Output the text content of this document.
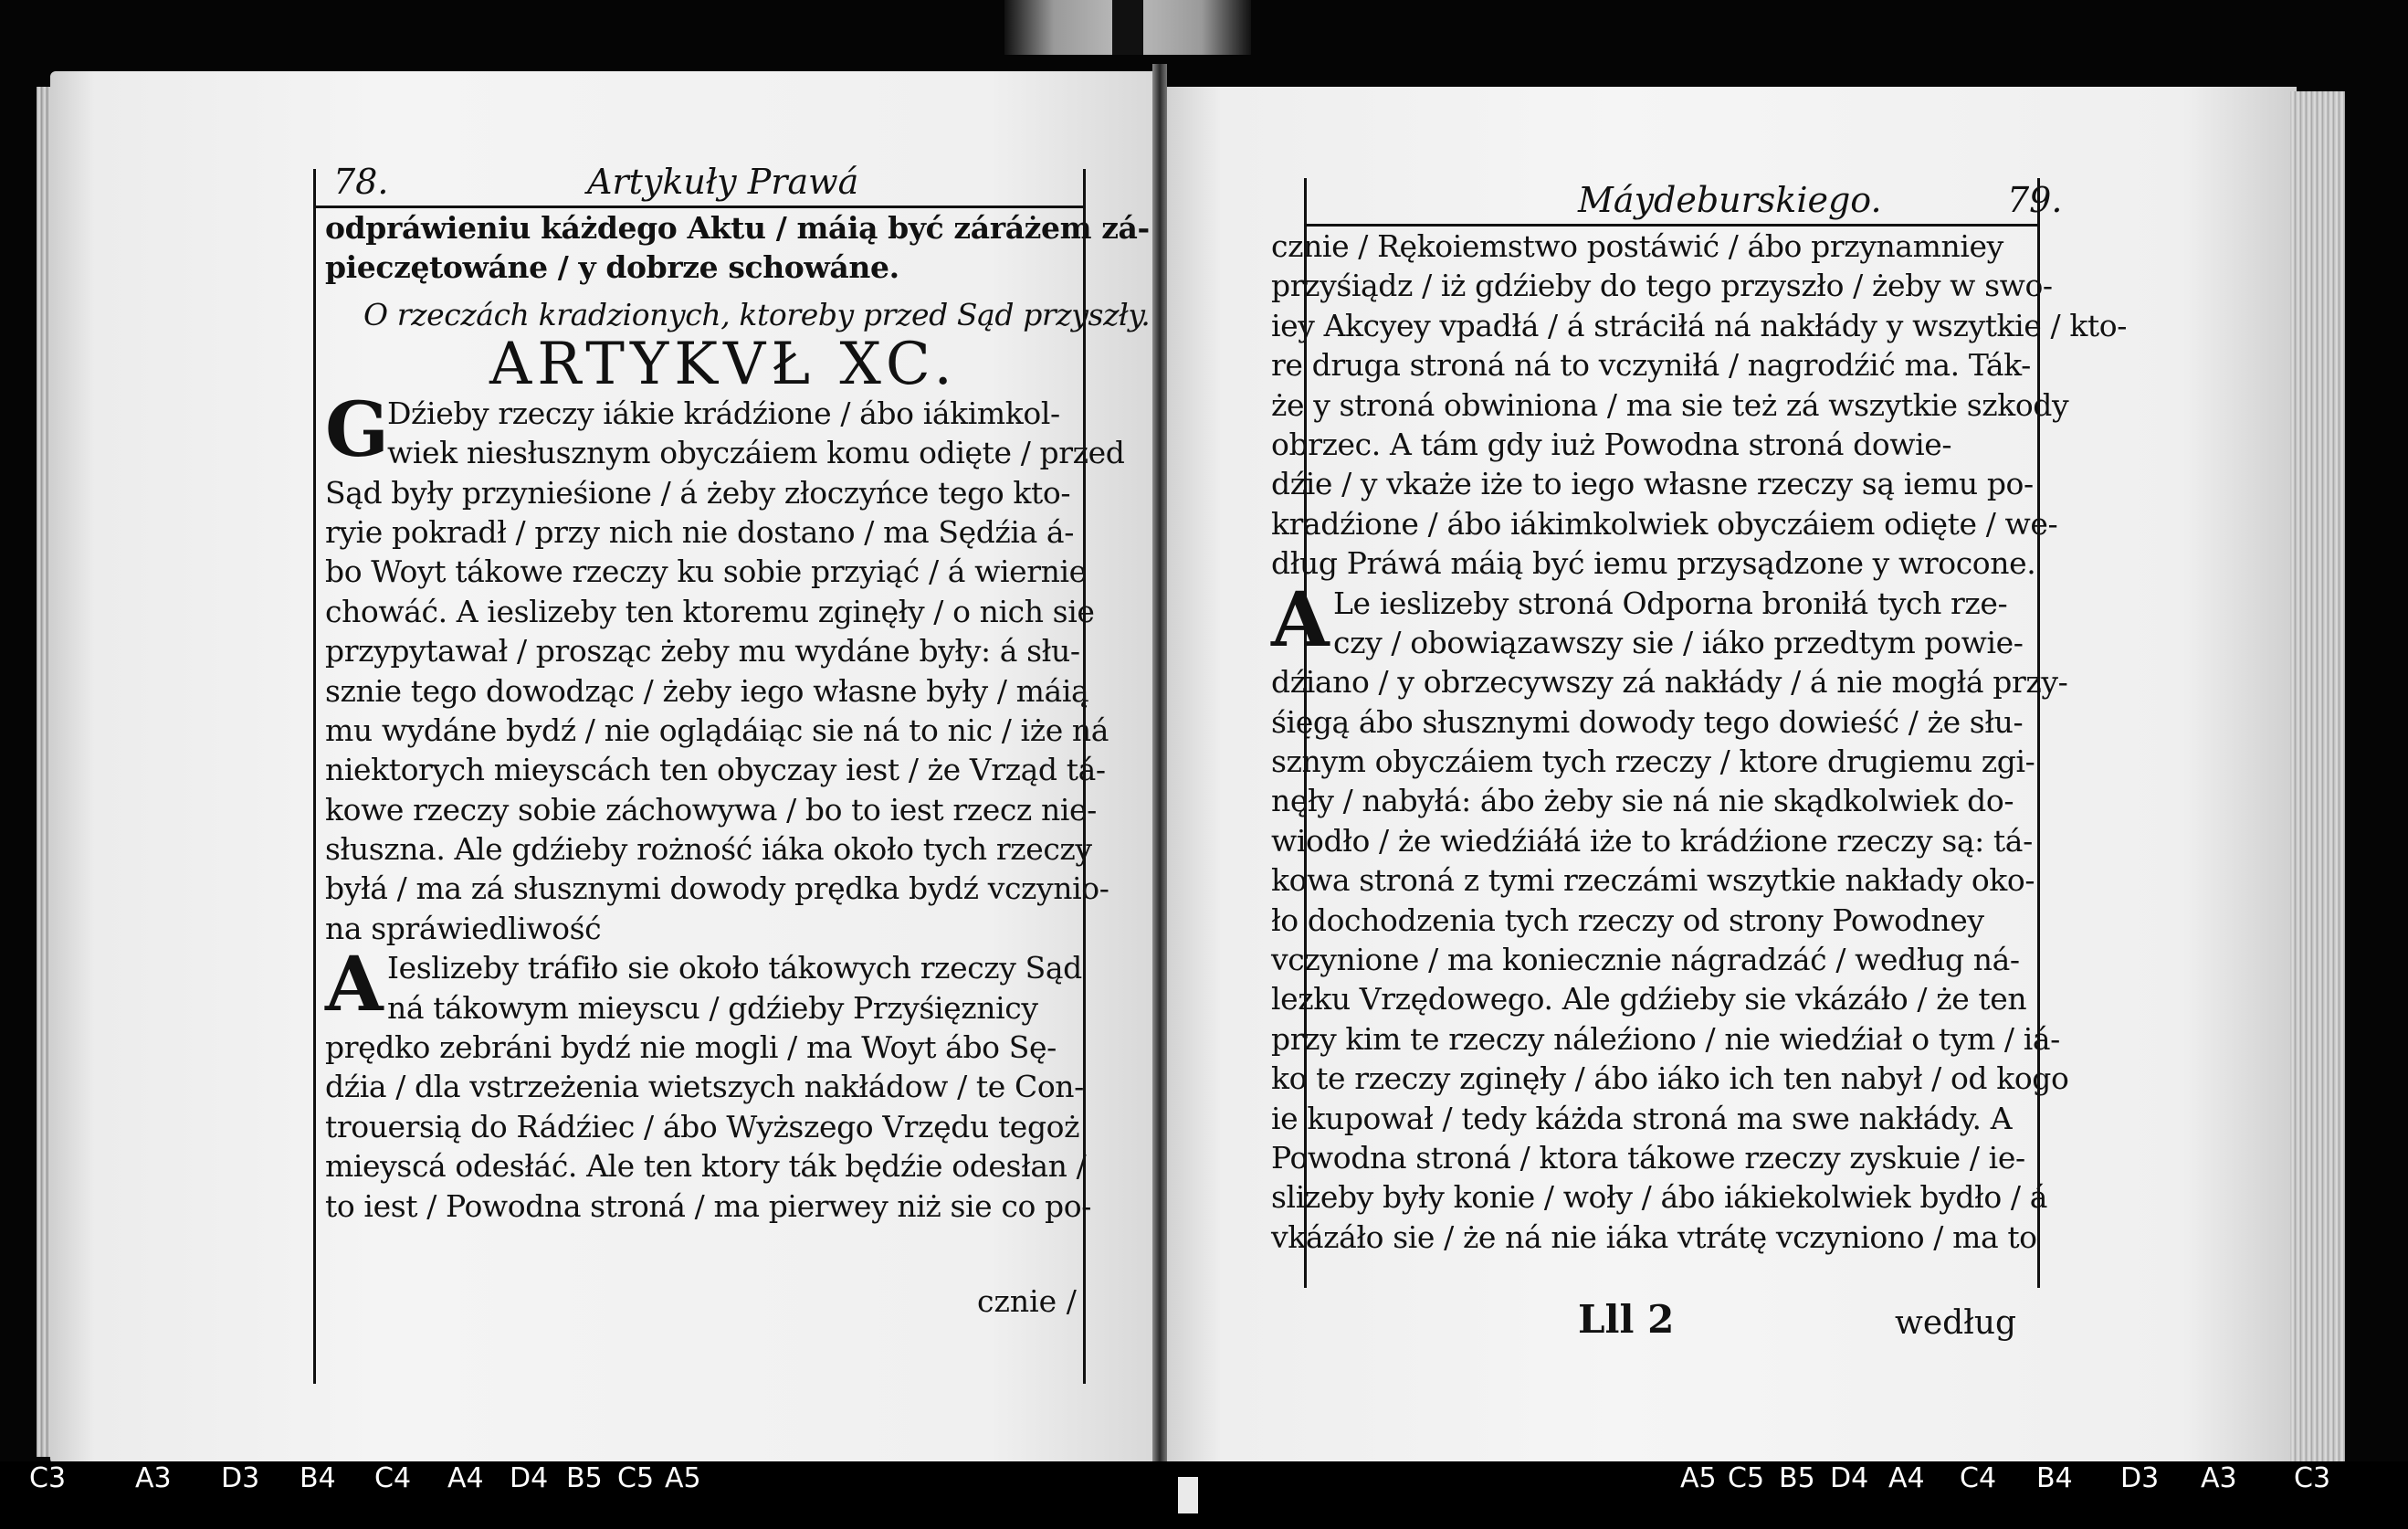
78.	Artykuły Prawá
odpráwieniu káżdego Aktu / máią być záráżem zá-
pieczętowáne / y dobrze schowáne.
O rzeczách kradzionych, ktoreby przed Sąd przyszły.
ARTYKVŁ XC.
G
Dźieby rzeczy iákie krádźione / ábo iákimkol-
wiek niesłusznym obyczáiem komu odięte / przed
Sąd były przynieśione / á żeby złoczyńce tego kto-
ryie pokradł / przy nich nie dostano / ma Sędźia á-
bo Woyt tákowe rzeczy ku sobie przyiąć / á wiernie
chowáć. A ieslizeby ten ktoremu zginęły / o nich sie
przypytawał / prosząc żeby mu wydáne były: á słu-
sznie tego dowodząc / żeby iego własne były / máią
mu wydáne bydź / nie oglądáiąc sie ná to nic / iże ná
niektorych mieyscách ten obyczay iest / że Vrząd tá-
kowe rzeczy sobie záchowywa / bo to iest rzecz nie-
słuszna. Ale gdźieby rożność iáka około tych rzeczy
byłá / ma zá słusznymi dowody prędka bydź vczynio-
na spráwiedliwość
A Ieslizeby tráfiło sie około tákowych rzeczy Sąd
ná tákowym mieyscu / gdźieby Przyśięznicy
prędko zebráni bydź nie mogli / ma Woyt ábo Sę-
dźia / dla vstrzeżenia wietszych nakłádow / te Con-
trouersią do Rádźiec / ábo Wyższego Vrzędu tegoż
mieyscá odesłáć. Ale ten ktory ták będźie odesłan /
to iest / Powodna stroná / ma pierwey niż sie co po-
cznie /
Máydeburskiego.	79.
cznie / Rękoiemstwo postáwić / ábo przynamniey
przyśiądz / iż gdźieby do tego przyszło / żeby w swo-
iey Akcyey vpadłá / á stráciłá ná nakłády y wszytkie / kto-
re druga stroná ná to vczyniłá / nagrodźić ma. Ták-
że y stroná obwiniona / ma sie też zá wszytkie szkody
obrzec. A tám gdy iuż Powodna stroná dowie-
dźie / y vkaże iże to iego własne rzeczy są iemu po-
kradźione / ábo iákimkolwiek obyczáiem odięte / we-
dług Práwá máią być iemu przysądzone y wrocone.
A Le ieslizeby stroná Odporna broniłá tych rze-
czy / obowiązawszy sie / iáko przedtym powie-
dźiano / y obrzecywszy zá nakłády / á nie mogłá przy-
śięgą ábo słusznymi dowody tego dowieść / że słu-
sznym obyczáiem tych rzeczy / ktore drugiemu zgi-
nęły / nabyłá: ábo żeby sie ná nie skądkolwiek do-
wiodło / że wiedźiáłá iże to krádźione rzeczy są: tá-
kowa stroná z tymi rzeczámi wszytkie nakłady oko-
ło dochodzenia tych rzeczy od strony Powodney
vczynione / ma koniecznie nágradzáć / według ná-
lezku Vrzędowego. Ale gdźieby sie vkázáło / że ten
przy kim te rzeczy náleźiono / nie wiedźiał o tym / iá-
ko te rzeczy zginęły / ábo iáko ich ten nabył / od kogo
ie kupował / tedy káżda stroná ma swe nakłády. A
Powodna stroná / ktora tákowe rzeczy zyskuie / ie-
slizeby były konie / woły / ábo iákiekolwiek bydło / á
vkázáło sie / że ná nie iáka vtrátę vczyniono / ma to
Lll 2	według
C3	A3 D3 B4 C4 A4 D4 B5 C5 A5	A5 C5 B5 D4 A4 C4 B4 D3 A3 C3
